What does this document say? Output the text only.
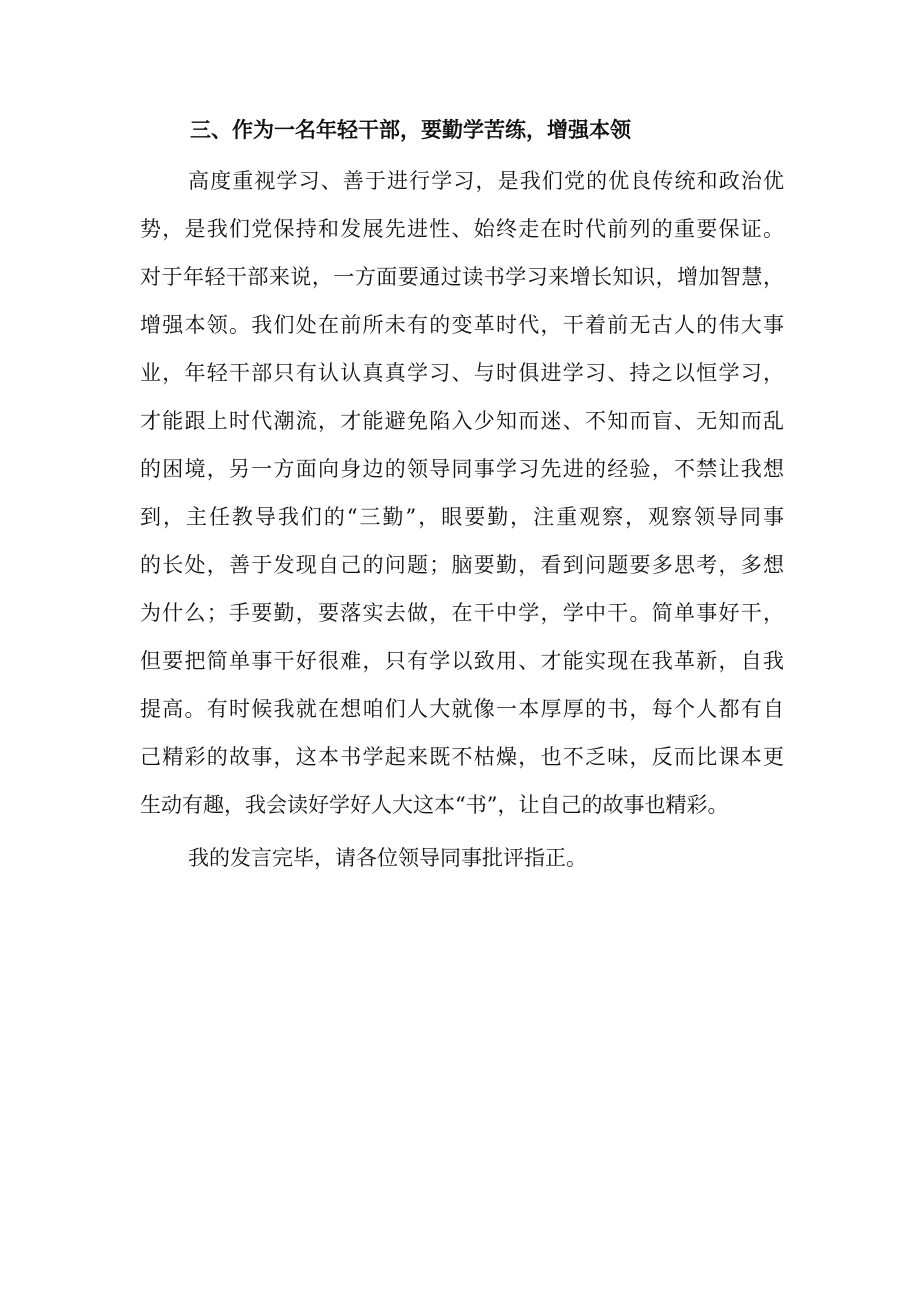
三、作为一名年轻干部，要勤学苦练，增强本领
高度重视学习、善于进行学习，是我们党的优良传统和政治优
势，是我们党保持和发展先进性、始终走在时代前列的重要保证。
对于年轻干部来说，一方面要通过读书学习来增长知识，增加智慧，
增强本领。我们处在前所未有的变革时代，干着前无古人的伟大事
业，年轻干部只有认认真真学习、与时俱进学习、持之以恒学习，
才能跟上时代潮流，才能避免陷入少知而迷、不知而盲、无知而乱
的困境，另一方面向身边的领导同事学习先进的经验，不禁让我想
到，主任教导我们的“三勤”，眼要勤，注重观察，观察领导同事
的长处，善于发现自己的问题；脑要勤，看到问题要多思考，多想
为什么；手要勤，要落实去做，在干中学，学中干。简单事好干，
但要把简单事干好很难，只有学以致用、才能实现在我革新，自我
提高。有时候我就在想咱们人大就像一本厚厚的书，每个人都有自
己精彩的故事，这本书学起来既不枯燥，也不乏味，反而比课本更
生动有趣，我会读好学好人大这本“书”，让自己的故事也精彩。
我的发言完毕，请各位领导同事批评指正。
